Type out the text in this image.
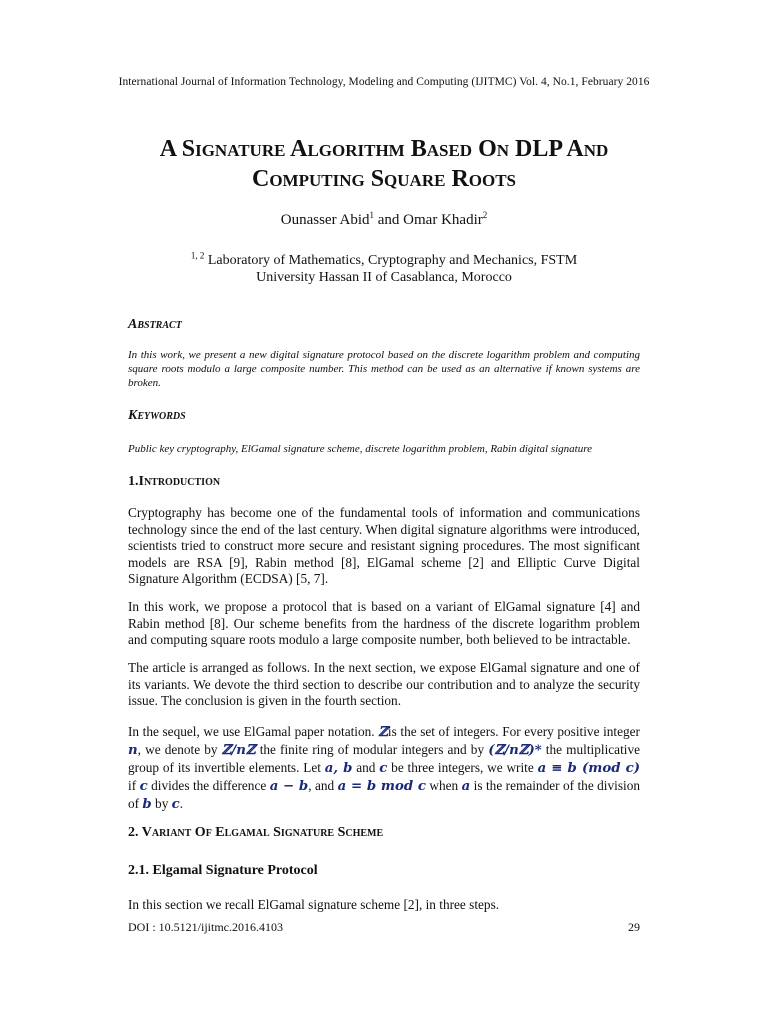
International Journal of Information Technology, Modeling and Computing (IJITMC) Vol. 4, No.1, February 2016
A Signature Algorithm Based On DLP And
Computing Square Roots
Ounasser Abid$^1$ and Omar Khadir$^2$
$^{1, 2}$ Laboratory of Mathematics, Cryptography and Mechanics, FSTM
University Hassan II of Casablanca, Morocco
Abstract
In this work, we present a new digital signature protocol based on the discrete logarithm problem and computing square roots modulo a large composite number. This method can be used as an alternative if known systems are broken.
Keywords
Public key cryptography, ElGamal signature scheme, discrete logarithm problem, Rabin digital signature
1.Introduction
Cryptography has become one of the fundamental tools of information and communications technology since the end of the last century. When digital signature algorithms were introduced, scientists tried to construct more secure and resistant signing procedures. The most significant models are RSA [9], Rabin method [8], ElGamal scheme [2] and Elliptic Curve Digital Signature Algorithm (ECDSA) [5, 7].
In this work, we propose a protocol that is based on a variant of ElGamal signature [4] and Rabin method [8]. Our scheme benefits from the hardness of the discrete logarithm problem and computing square roots modulo a large composite number, both believed to be intractable.
The article is arranged as follows. In the next section, we expose ElGamal signature and one of its variants. We devote the third section to describe our contribution and to analyze the security issue. The conclusion is given in the fourth section.
In the sequel, we use ElGamal paper notation. ℤis the set of integers. For every positive integer n, we denote by ℤ/nℤ the finite ring of modular integers and by (ℤ/nℤ)* the multiplicative group of its invertible elements. Let a, b and c be three integers, we write a ≡ b (mod c) if c divides the difference a − b, and a = b mod c when a is the remainder of the division of b by c.
2. Variant Of Elgamal Signature Scheme
2.1. Elgamal Signature Protocol
In this section we recall ElGamal signature scheme [2], in three steps.
DOI : 10.5121/ijitmc.2016.4103	29
